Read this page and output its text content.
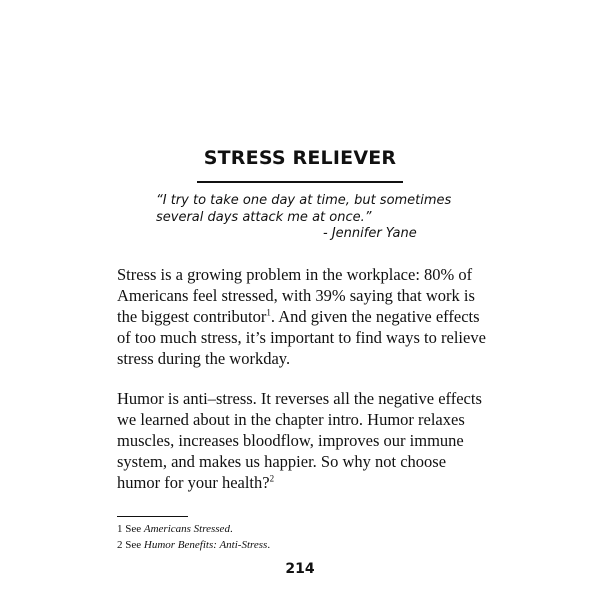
STRESS RELIEVER
“I try to take one day at time, but sometimes
several days attack me at once.”
- Jennifer Yane
Stress is a growing problem in the workplace: 80% of
Americans feel stressed, with 39% saying that work is
the biggest contributor$^1$. And given the negative effects
of too much stress, it’s important to find ways to relieve
stress during the workday.
Humor is anti–stress. It reverses all the negative effects
we learned about in the chapter intro. Humor relaxes
muscles, increases bloodflow, improves our immune
system, and makes us happier. So why not choose
humor for your health?$^2$
1 See Americans Stressed.
2 See Humor Benefits: Anti-Stress.
214
